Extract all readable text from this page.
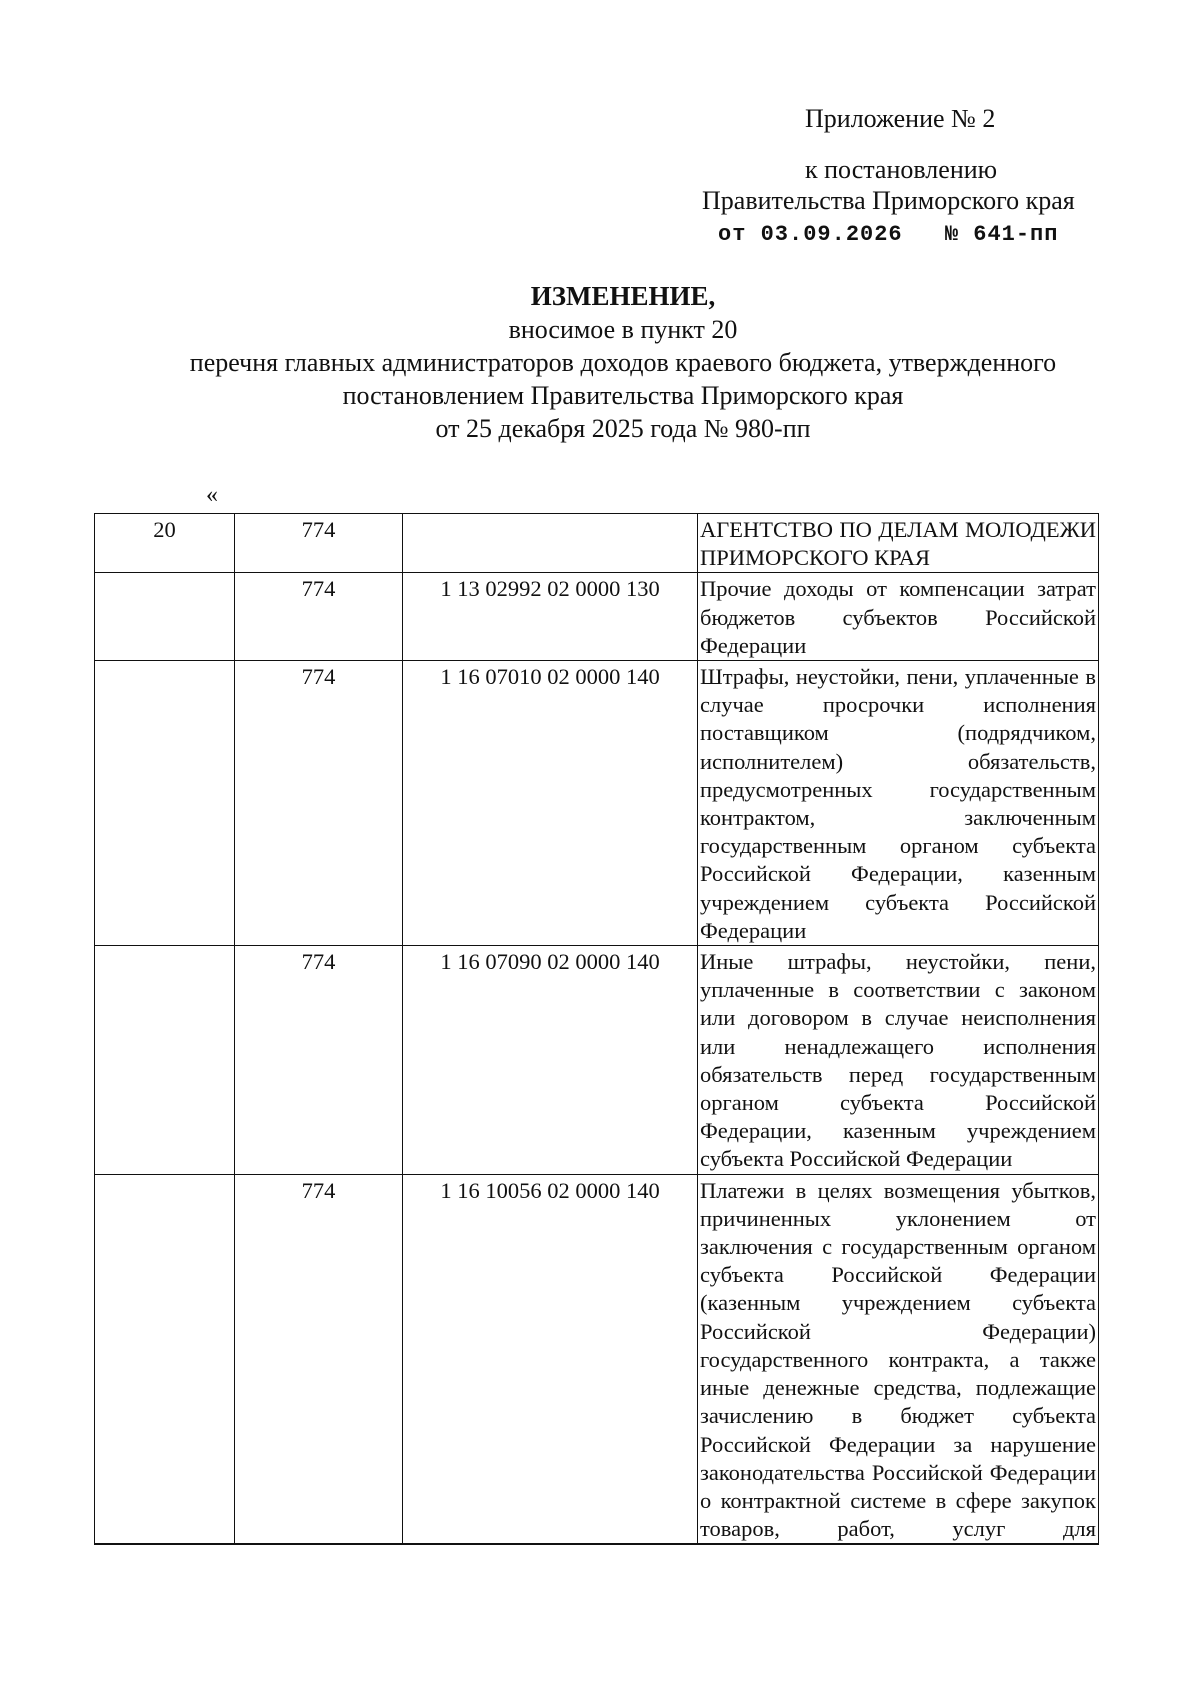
Приложение № 2
к постановлению
Правительства Приморского края
от 03.09.2026 № 641-пп
ИЗМЕНЕНИЕ,
вносимое в пункт 20
перечня главных администраторов доходов краевого бюджета, утвержденного
постановлением Правительства Приморского края
от 25 декабря 2025 года № 980-пп
«
20	774		АГЕНТСТВО ПО ДЕЛАМ МОЛОДЕЖИ ПРИМОРСКОГО КРАЯ
	774	1 13 02992 02 0000 130	Прочие доходы от компенсации затрат бюджетов субъектов Российской Федерации
	774	1 16 07010 02 0000 140	Штрафы, неустойки, пени, уплаченные в случае просрочки исполнения поставщиком (подрядчиком, исполнителем) обязательств, предусмотренных государственным контрактом, заключенным государственным органом субъекта Российской Федерации, казенным учреждением субъекта Российской Федерации
	774	1 16 07090 02 0000 140	Иные штрафы, неустойки, пени, уплаченные в соответствии с законом или договором в случае неисполнения или ненадлежащего исполнения обязательств перед государственным органом субъекта Российской Федерации, казенным учреждением субъекта Российской Федерации
	774	1 16 10056 02 0000 140	Платежи в целях возмещения убытков, причиненных уклонением от заключения с государственным органом субъекта Российской Федерации (казенным учреждением субъекта Российской Федерации) государственного контракта, а также иные денежные средства, подлежащие зачислению в бюджет субъекта Российской Федерации за нарушение законодательства Российской Федерации о контрактной системе в сфере закупок товаров, работ, услуг для
